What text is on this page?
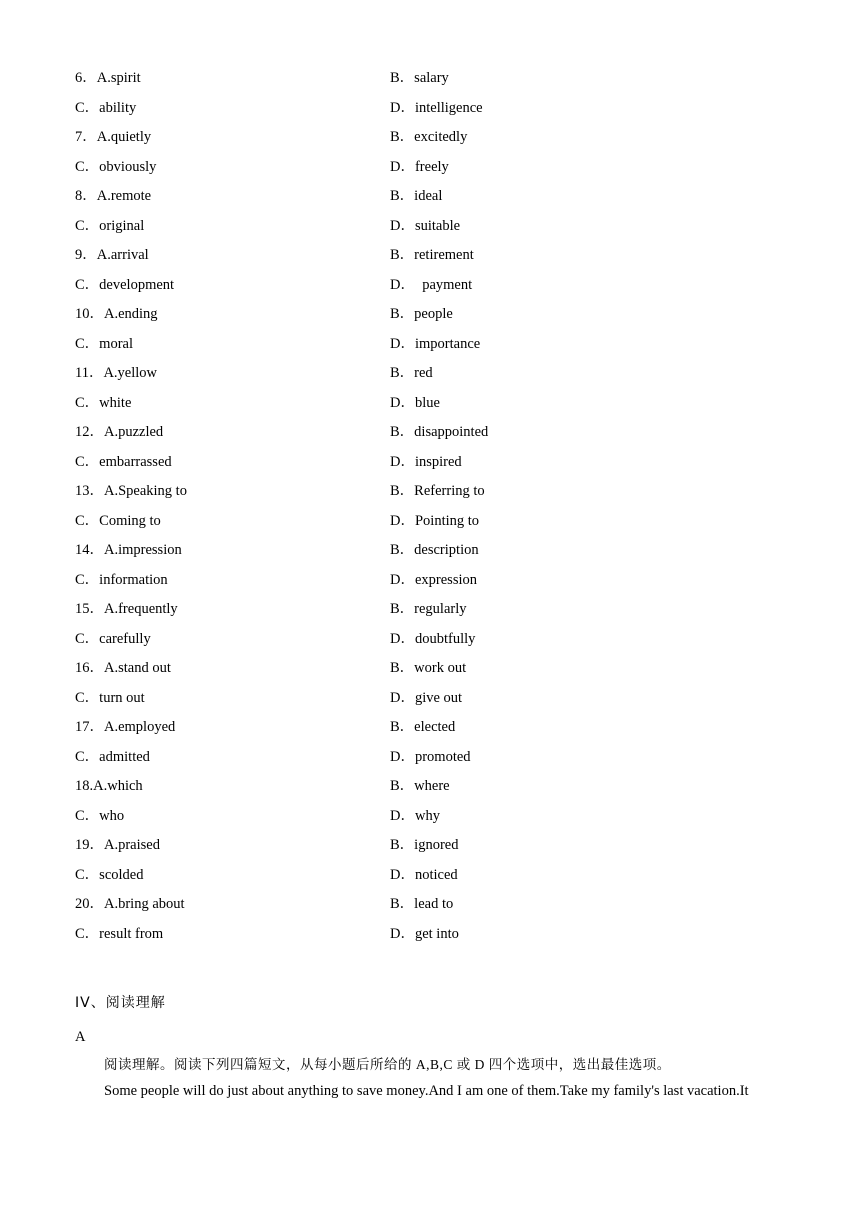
6．A.spirit	B．salary
C．ability	D．intelligence
7．A.quietly	B．excitedly
C．obviously	D．freely
8．A.remote	B．ideal
C．original	D．suitable
9．A.arrival	B．retirement
C．development	D．  payment
10．A.ending	B．people
C．moral	D．importance
11．A.yellow	B．red
C．white	D．blue
12．A.puzzled	B．disappointed
C．embarrassed	D．inspired
13．A.Speaking to	B．Referring to
C．Coming to	D．Pointing to
14．A.impression	B．description
C．information	D．expression
15．A.frequently	B．regularly
C．carefully	D．doubtfully
16．A.stand out	B．work out
C．turn out	D．give out
17．A.employed	B．elected
C．admitted	D．promoted
18.A.which	B．where
C．who	D．why
19．A.praised	B．ignored
C．scolded	D．noticed
20．A.bring about	B．lead to
C．result from	D．get into
IV、阅读理解
A
阅读理解。阅读下列四篇短文，从每小题后所给的 A,B,C 或 D 四个选项中，选出最佳选项。
Some people will do just about anything to save money.And I am one of them.Take my family's last vacation.It
